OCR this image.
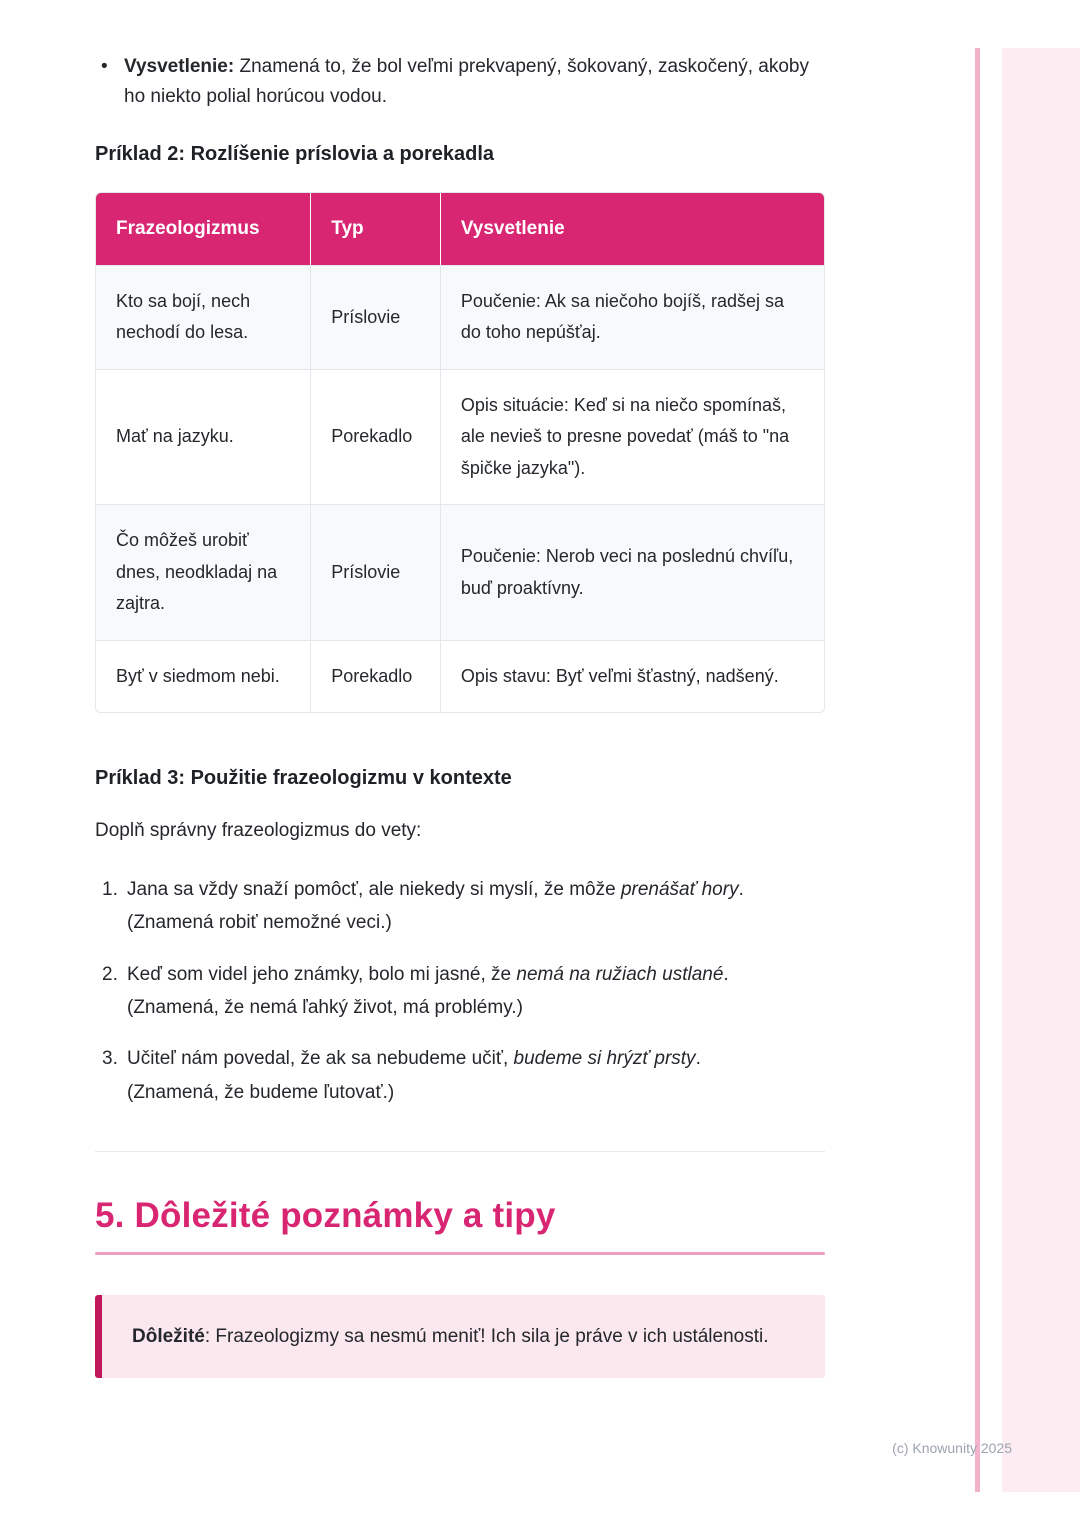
• Vysvetlenie: Znamená to, že bol veľmi prekvapený, šokovaný, zaskočený, akoby ho niekto polial horúcou vodou.
Príklad 2: Rozlíšenie príslovia a porekadla
Frazeologizmus	Typ	Vysvetlenie
Kto sa bojí, nech nechodí do lesa.	Príslovie	Poučenie: Ak sa niečoho bojíš, radšej sa do toho nepúšťaj.
Mať na jazyku.	Porekadlo	Opis situácie: Keď si na niečo spomínaš, ale nevieš to presne povedať (máš to "na špičke jazyka").
Čo môžeš urobiť dnes, neodkladaj na zajtra.	Príslovie	Poučenie: Nerob veci na poslednú chvíľu, buď proaktívny.
Byť v siedmom nebi.	Porekadlo	Opis stavu: Byť veľmi šťastný, nadšený.
Príklad 3: Použitie frazeologizmu v kontexte
Doplň správny frazeologizmus do vety:
1. Jana sa vždy snaží pomôcť, ale niekedy si myslí, že môže prenášať hory.
(Znamená robiť nemožné veci.)
2. Keď som videl jeho známky, bolo mi jasné, že nemá na ružiach ustlané.
(Znamená, že nemá ľahký život, má problémy.)
3. Učiteľ nám povedal, že ak sa nebudeme učiť, budeme si hrýzť prsty.
(Znamená, že budeme ľutovať.)
5. Dôležité poznámky a tipy
Dôležité: Frazeologizmy sa nesmú meniť! Ich sila je práve v ich ustálenosti.
(c) Knowunity 2025
